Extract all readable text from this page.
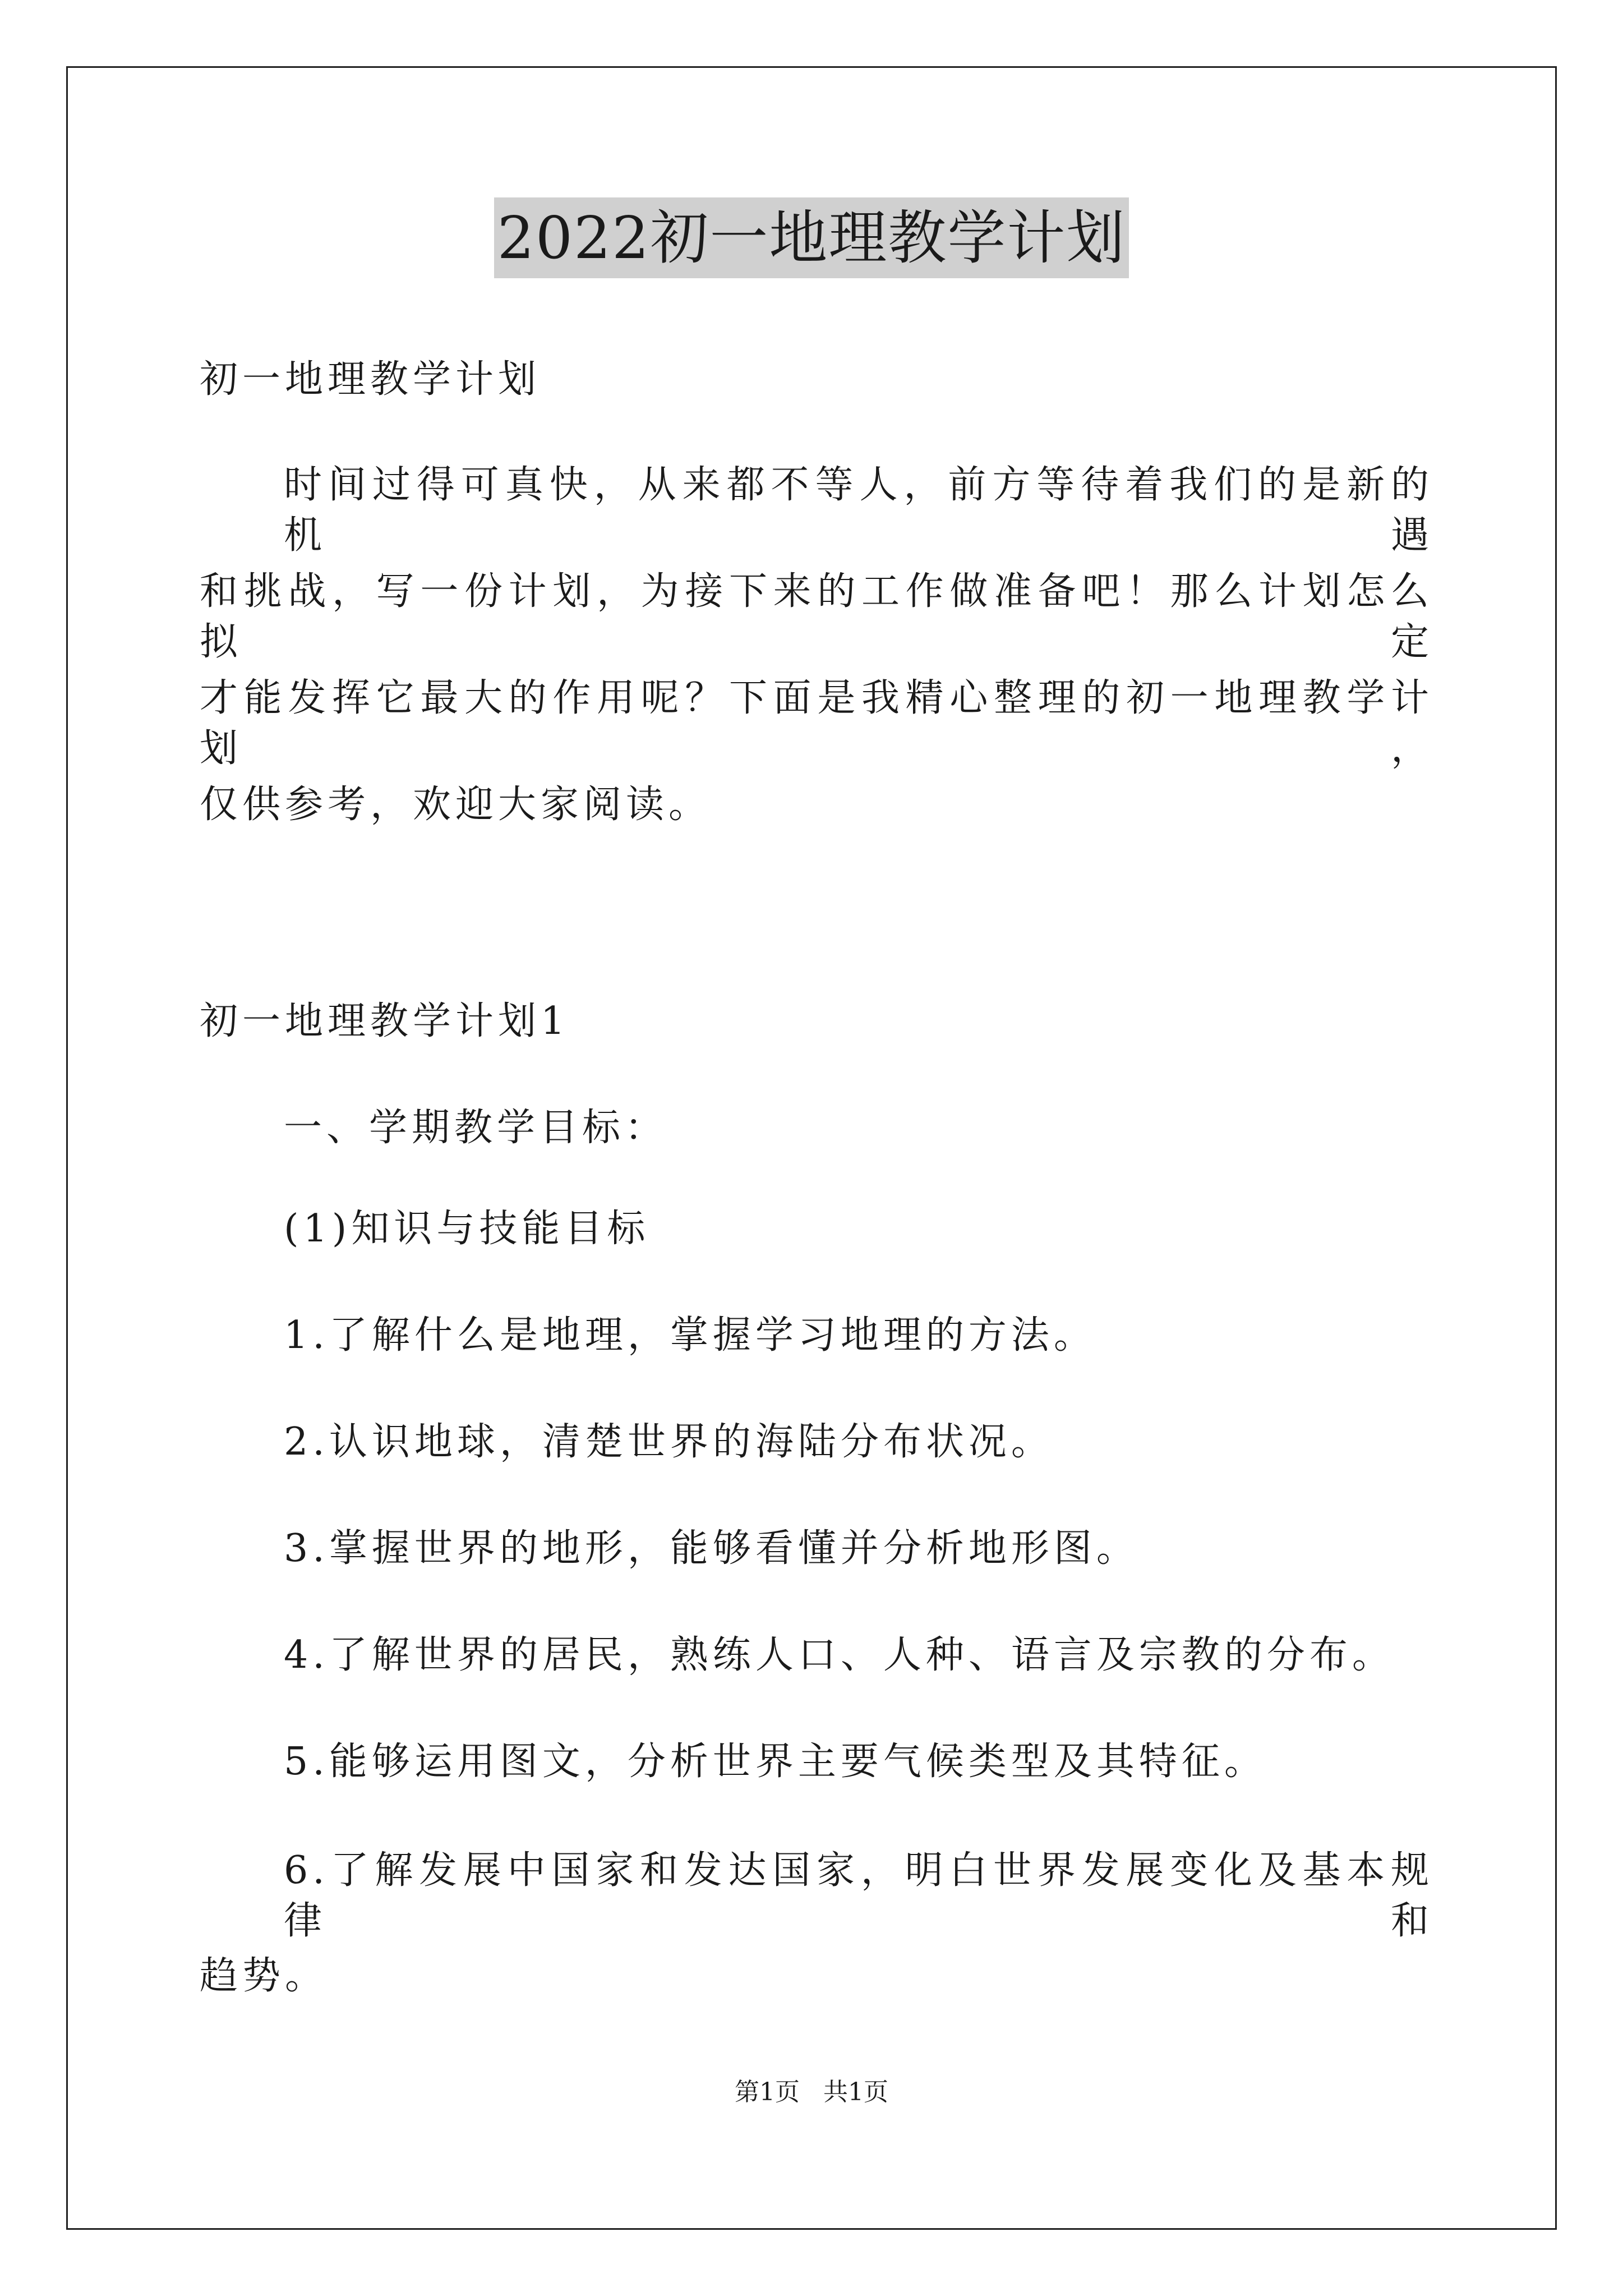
2022初一地理教学计划
初一地理教学计划
时间过得可真快，从来都不等人，前方等待着我们的是新的机遇
和挑战，写一份计划，为接下来的工作做准备吧！那么计划怎么拟定
才能发挥它最大的作用呢？下面是我精心整理的初一地理教学计划，
仅供参考，欢迎大家阅读。
初一地理教学计划1
一、学期教学目标：
(1)知识与技能目标
1.了解什么是地理，掌握学习地理的方法。
2.认识地球，清楚世界的海陆分布状况。
3.掌握世界的地形，能够看懂并分析地形图。
4.了解世界的居民，熟练人口、人种、语言及宗教的分布。
5.能够运用图文，分析世界主要气候类型及其特征。
6.了解发展中国家和发达国家，明白世界发展变化及基本规律和
趋势。
第1页 共1页
